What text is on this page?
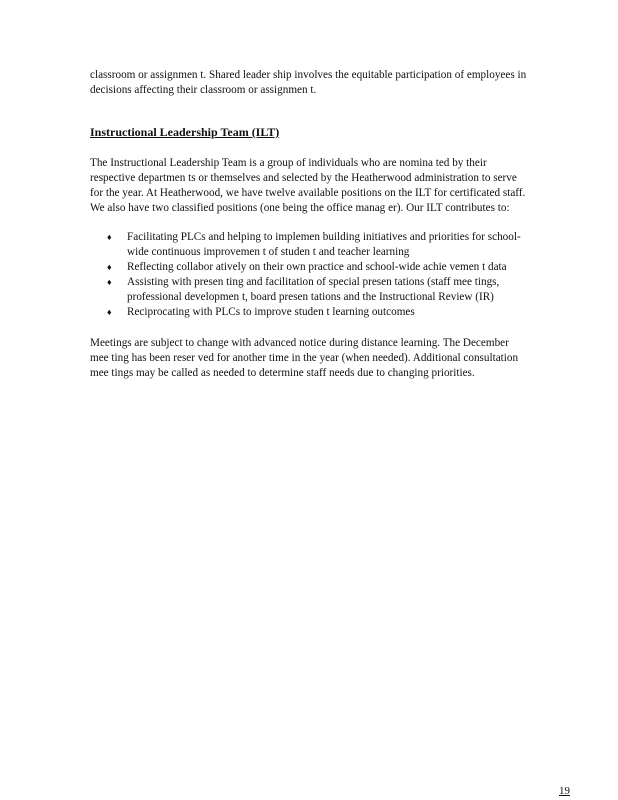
classroom or assignmen t. Shared leader ship involves the equitable participation of employees in decisions affecting their classroom or assignmen t.

Instructional Leadership Team (ILT)

The Instructional Leadership Team is a group of individuals who are nomina ted by their respective departmen ts or themselves and selected by the Heatherwood administration to serve for the year. At Heatherwood, we have twelve available positions on the ILT for certificated staff. We also have two classified positions (one being the office manag er). Our ILT contributes to:

♦ Facilitating PLCs and helping to implemen building initiatives and priorities for school-wide continuous improvemen t of studen t and teacher learning
♦ Reflecting collabor atively on their own practice and school-wide achie vemen t data
♦ Assisting with presen ting and facilitation of special presen tations (staff mee tings, professional developmen t, board presen tations and the Instructional Review (IR)
♦ Reciprocating with PLCs to improve studen t learning outcomes

Meetings are subject to change with advanced notice during distance learning. The December mee ting has been reser ved for another time in the year (when needed). Additional consultation mee tings may be called as needed to determine staff needs due to changing priorities.

19
